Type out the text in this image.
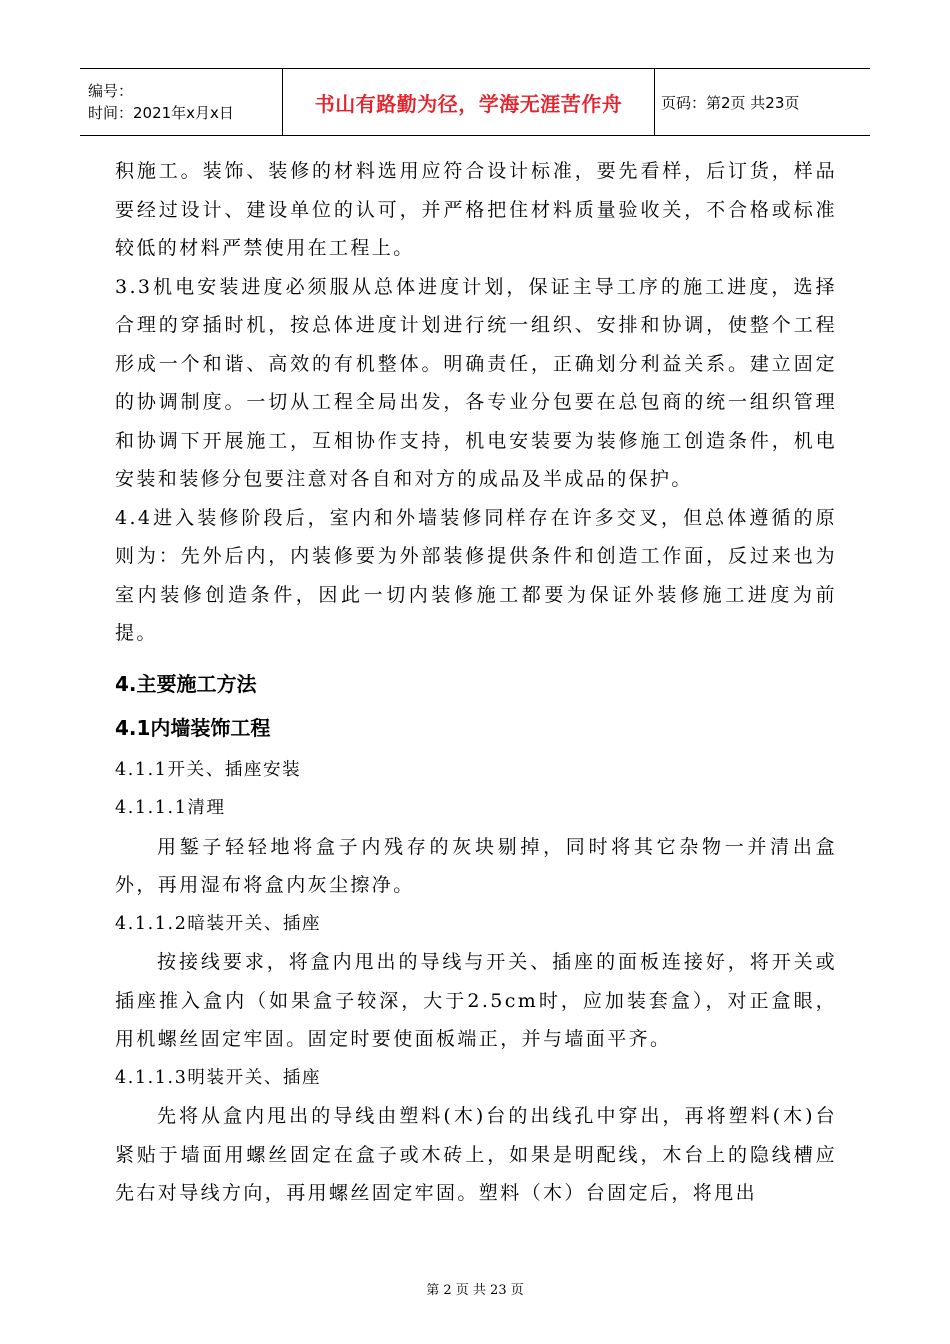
编号：
时间：2021年x月x日	书山有路勤为径，学海无涯苦作舟	页码：第2页 共23页

积施工。装饰、装修的材料选用应符合设计标准，要先看样，后订货，样品要经过设计、建设单位的认可，并严格把住材料质量验收关，不合格或标准较低的材料严禁使用在工程上。

3.3机电安装进度必须服从总体进度计划，保证主导工序的施工进度，选择合理的穿插时机，按总体进度计划进行统一组织、安排和协调，使整个工程形成一个和谐、高效的有机整体。明确责任，正确划分利益关系。建立固定的协调制度。一切从工程全局出发，各专业分包要在总包商的统一组织管理和协调下开展施工，互相协作支持，机电安装要为装修施工创造条件，机电安装和装修分包要注意对各自和对方的成品及半成品的保护。

4.4进入装修阶段后，室内和外墙装修同样存在许多交叉，但总体遵循的原则为：先外后内，内装修要为外部装修提供条件和创造工作面，反过来也为室内装修创造条件，因此一切内装修施工都要为保证外装修施工进度为前提。

4.主要施工方法
4.1内墙装饰工程

4.1.1开关、插座安装

4.1.1.1清理

用錾子轻轻地将盒子内残存的灰块剔掉，同时将其它杂物一并清出盒外，再用湿布将盒内灰尘擦净。

4.1.1.2暗装开关、插座

按接线要求，将盒内甩出的导线与开关、插座的面板连接好，将开关或插座推入盒内（如果盒子较深，大于2.5cm时，应加装套盒），对正盒眼，用机螺丝固定牢固。固定时要使面板端正，并与墙面平齐。

4.1.1.3明装开关、插座

先将从盒内甩出的导线由塑料(木)台的出线孔中穿出，再将塑料(木)台紧贴于墙面用螺丝固定在盒子或木砖上，如果是明配线，木台上的隐线槽应先右对导线方向，再用螺丝固定牢固。塑料（木）台固定后，将甩出

第 2 页 共 23 页
